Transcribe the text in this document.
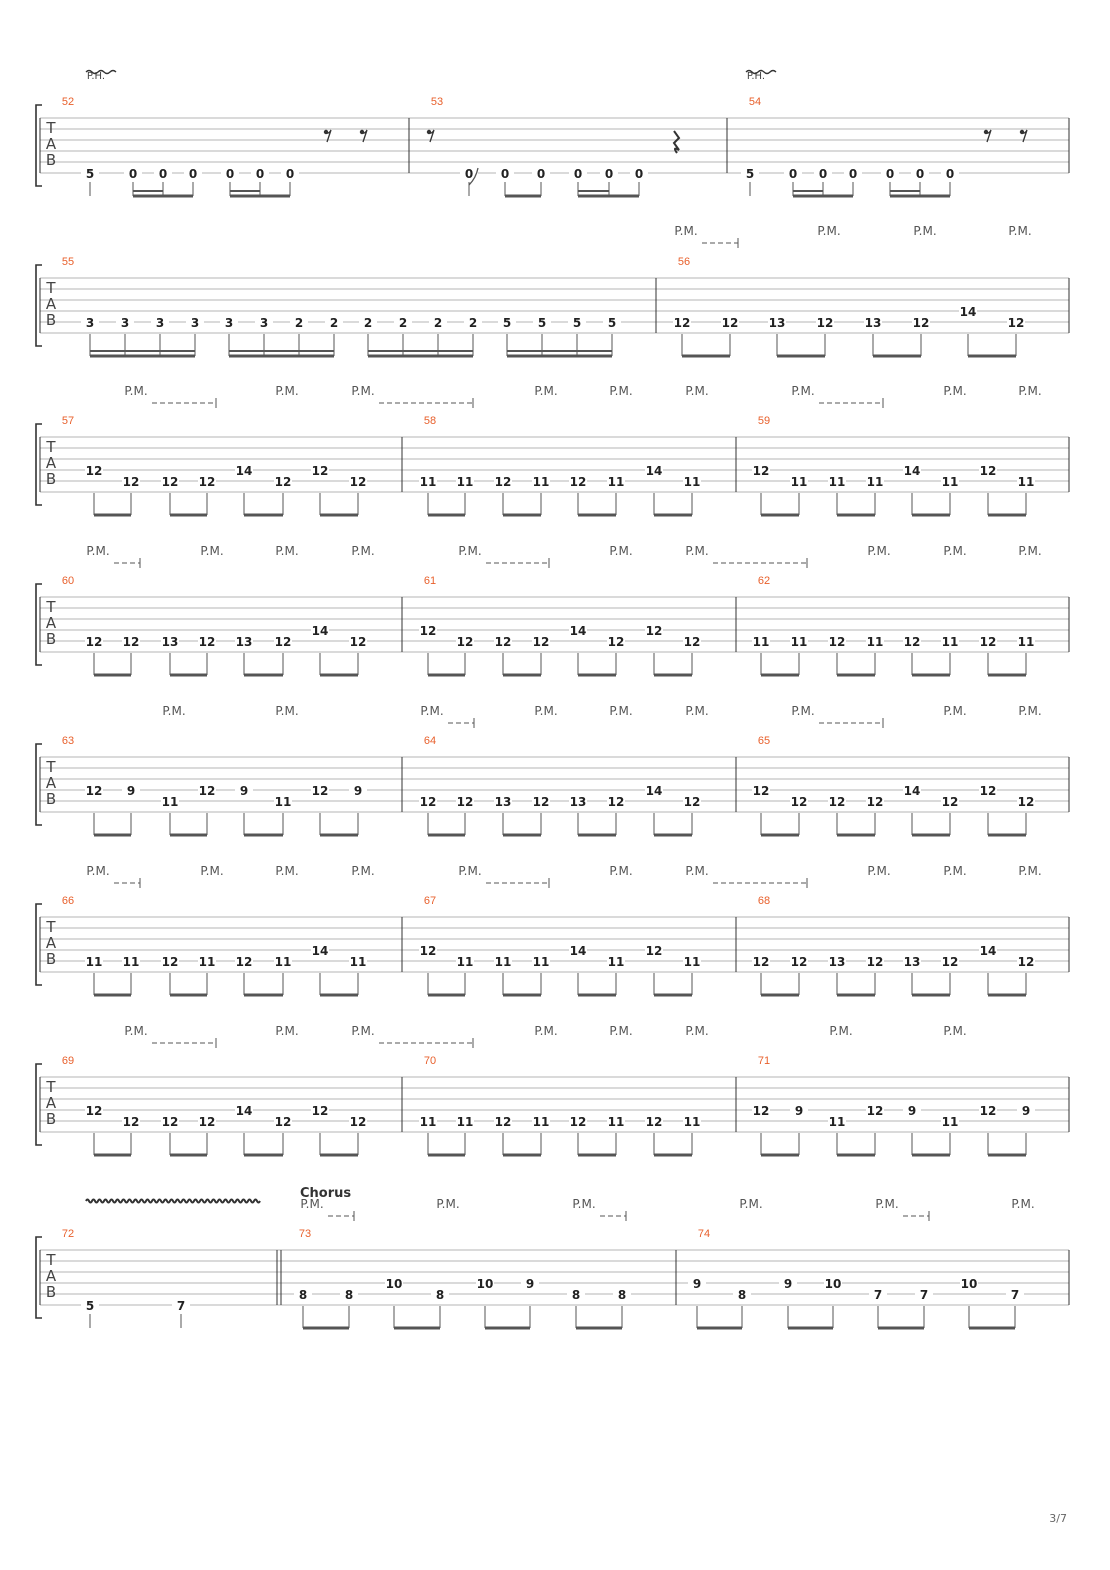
T
A
B
52
5	0 0 0 0 0 0
53
0 0 0 0 0 0
54
5	0 0 0 0 0 0
T
A
B
P.M.	P.M.	P.M.	P.M.
55
3 3 3 3 3 3 2 2 2 2 2 2 5 5 5 5
56
12	12	13	12	13	12
14
12
T
A
B
P.M.	P.M.	P.M.	P.M.	P.M.	P.M.	P.M.	P.M.	P.M.
57
12
12 12 12
14
12
12
12
58
11 11 12 11 12 11
14
11
59
12
11 11 11
14
11
12
11
T
A
B
P.M.	P.M.	P.M.	P.M.	P.M.	P.M.	P.M.	P.M.	P.M.	P.M.
60
12 12 13 12 13 12
14
12
61
12
12 12 12
14
12
12
12
62
11 11 12 11 12 11 12 11
T
A
B
P.M.	P.M.	P.M.	P.M.	P.M.	P.M.	P.M.	P.M.	P.M.
63
12 9
11
12 9
11
12 9
64
12 12 13 12 13 12
14
12
65
12
12 12 12
14
12
12
12
T
A
B
P.M.	P.M.	P.M.	P.M.	P.M.	P.M.	P.M.	P.M.	P.M.	P.M.
66
11 11 12 11 12 11
14
11
67
12
11 11 11
14
11
12
11
68
12 12 13 12 13 12
14
12
T
A
B
P.M.	P.M.	P.M.	P.M.	P.M.	P.M.	P.M.	P.M.
69
12
12 12 12
14
12
12
12
70
11 11 12 11 12 11 12 11
71
12 9
11
12 9
11
12 9
T
A
B
P.M.	P.M.	P.M.	P.M.	P.M.	P.M.
72
5	7
73
8	8
10
8
10	9
8	8
74
9
8
9	10
7	7
10
7
P.H.	P.H.
Chorus
3/7
